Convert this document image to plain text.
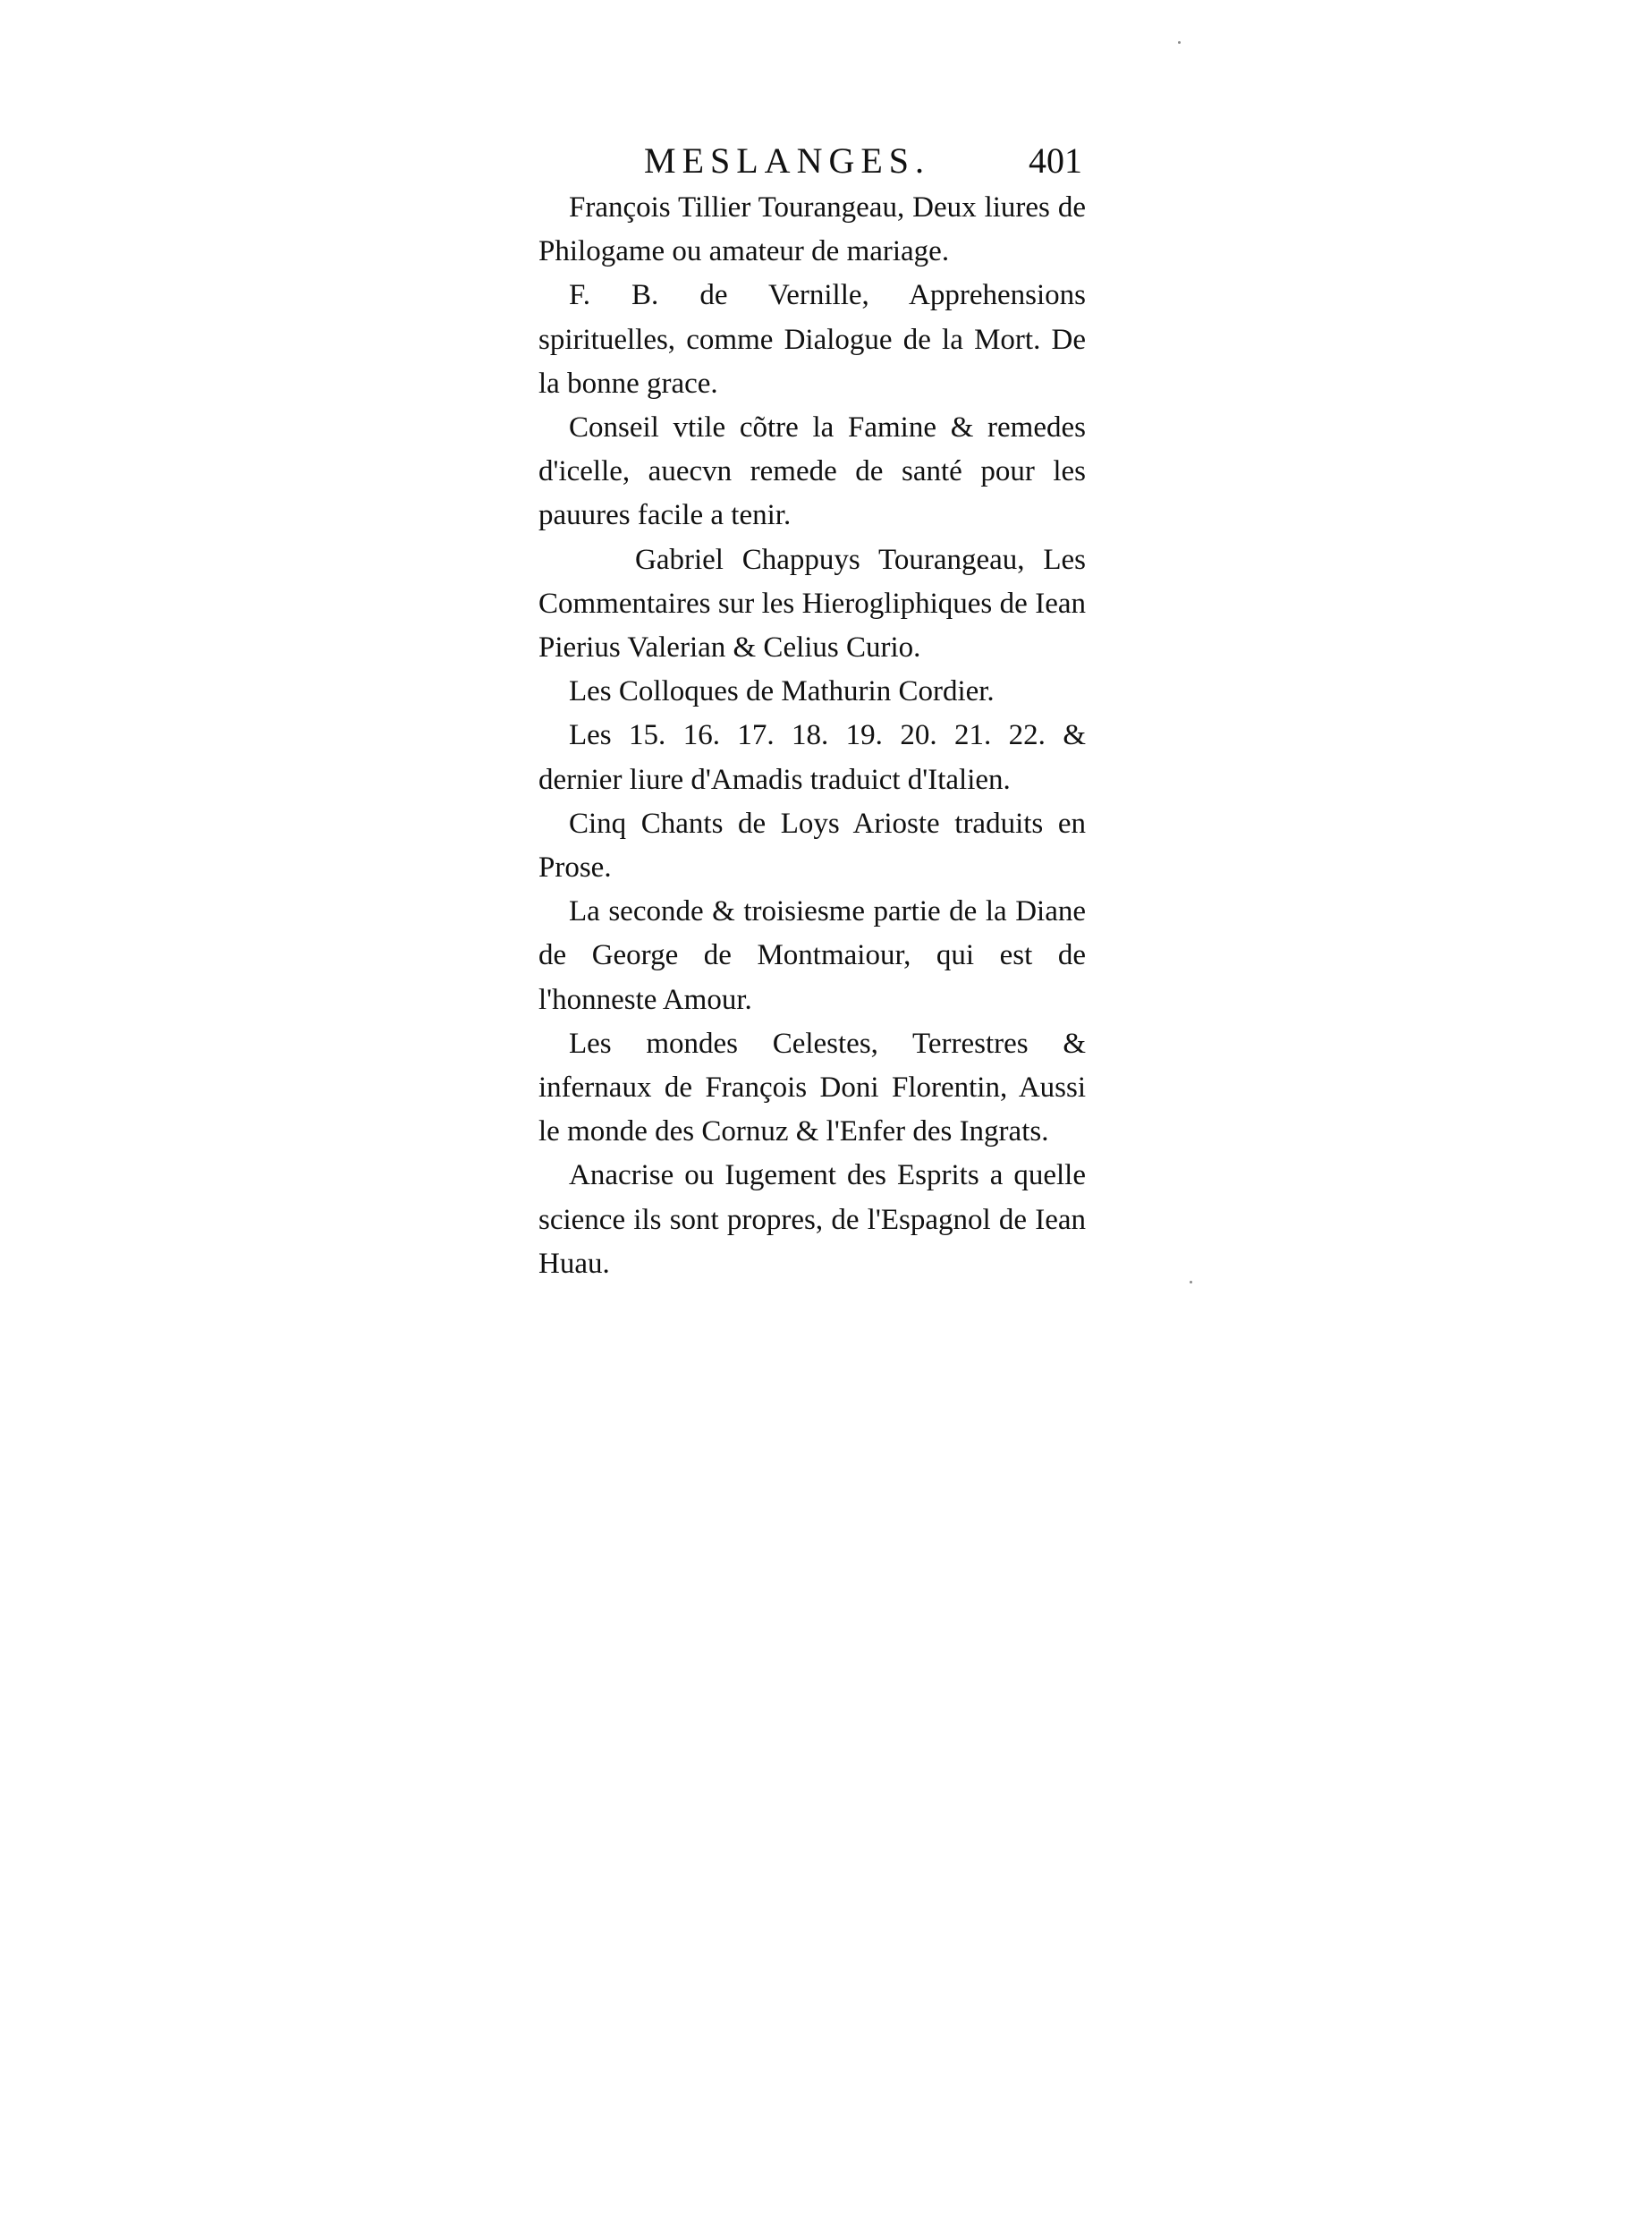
MESLANGES.	401

François Tillier Tourangeau, Deux liures de Philogame ou amateur de mariage.

F. B. de Vernille, Apprehensions spirituelles, comme Dialogue de la Mort. De la bonne grace.

Conseil vtile cõtre la Famine & remedes d'icelle, auecvn remede de santé pour les pauures facile a tenir.

Gabriel Chappuys Tourangeau, Les Commentaires sur les Hierogliphiques de Iean Pierius Valerian & Celius Curio.

Les Colloques de Mathurin Cordier.

Les 15. 16. 17. 18. 19. 20. 21. 22. & dernier liure d'Amadis traduict d'Italien.

Cinq Chants de Loys Arioste traduits en Prose.

La seconde & troisiesme partie de la Diane de George de Montmaiour, qui est de l'honneste Amour.

Les mondes Celestes, Terrestres & infernaux de François Doni Florentin, Aussi le monde des Cornuz & l'Enfer des Ingrats.

Anacrise ou Iugement des Esprits a quelle science ils sont propres, de l'Espagnol de Iean Huau.
